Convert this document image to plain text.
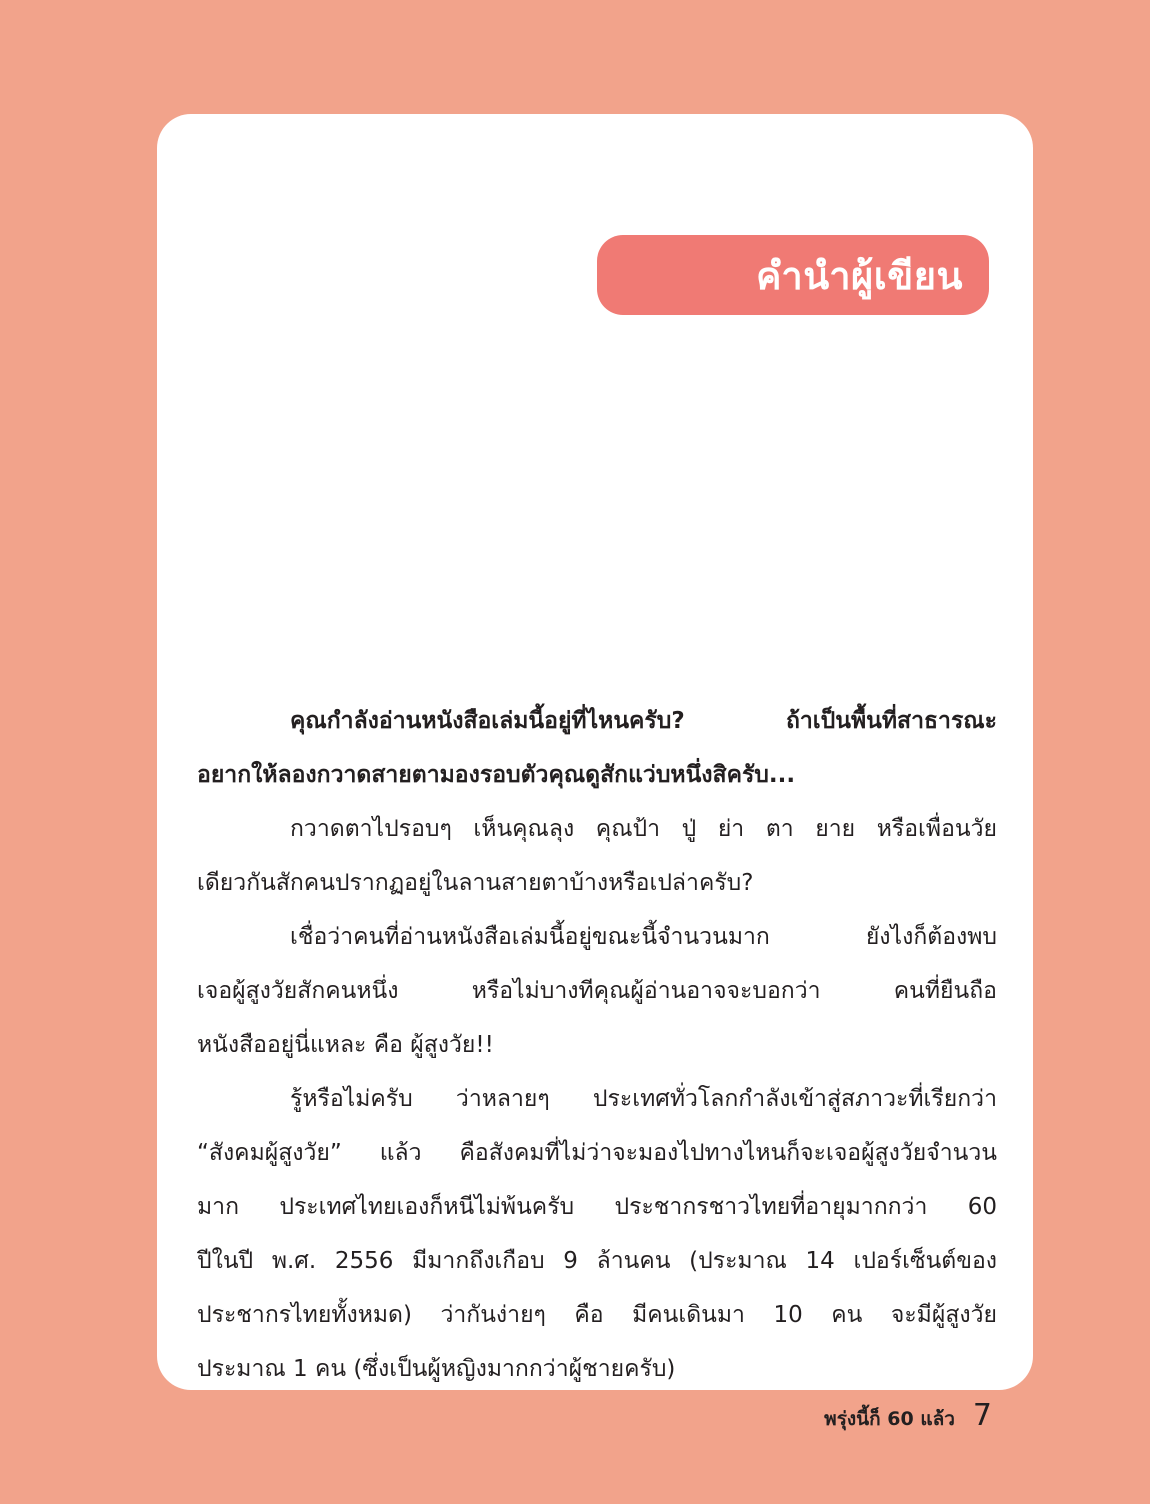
คำนำผู้เขียน
คุณกำลังอ่านหนังสือเล่มนี้อยู่ที่ไหนครับ? ถ้าเป็นพื้นที่สาธารณะ
อยากให้ลองกวาดสายตามองรอบตัวคุณดูสักแว่บหนึ่งสิครับ...
กวาดตาไปรอบๆ เห็นคุณลุง คุณป้า ปู่ ย่า ตา ยาย หรือเพื่อนวัย
เดียวกันสักคนปรากฏอยู่ในลานสายตาบ้างหรือเปล่าครับ?
เชื่อว่าคนที่อ่านหนังสือเล่มนี้อยู่ขณะนี้จำนวนมาก ยังไงก็ต้องพบ
เจอผู้สูงวัยสักคนหนึ่ง หรือไม่บางทีคุณผู้อ่านอาจจะบอกว่า คนที่ยืนถือ
หนังสืออยู่นี่แหละ คือ ผู้สูงวัย!!
รู้หรือไม่ครับ ว่าหลายๆ ประเทศทั่วโลกกำลังเข้าสู่สภาวะที่เรียกว่า
“สังคมผู้สูงวัย” แล้ว คือสังคมที่ไม่ว่าจะมองไปทางไหนก็จะเจอผู้สูงวัยจำนวน
มาก ประเทศไทยเองก็หนีไม่พ้นครับ ประชากรชาวไทยที่อายุมากกว่า 60
ปีในปี พ.ศ. 2556 มีมากถึงเกือบ 9 ล้านคน (ประมาณ 14 เปอร์เซ็นต์ของ
ประชากรไทยทั้งหมด) ว่ากันง่ายๆ คือ มีคนเดินมา 10 คน จะมีผู้สูงวัย
ประมาณ 1 คน (ซึ่งเป็นผู้หญิงมากกว่าผู้ชายครับ)
พรุ่งนี้ก็ 60 แล้ว 7
